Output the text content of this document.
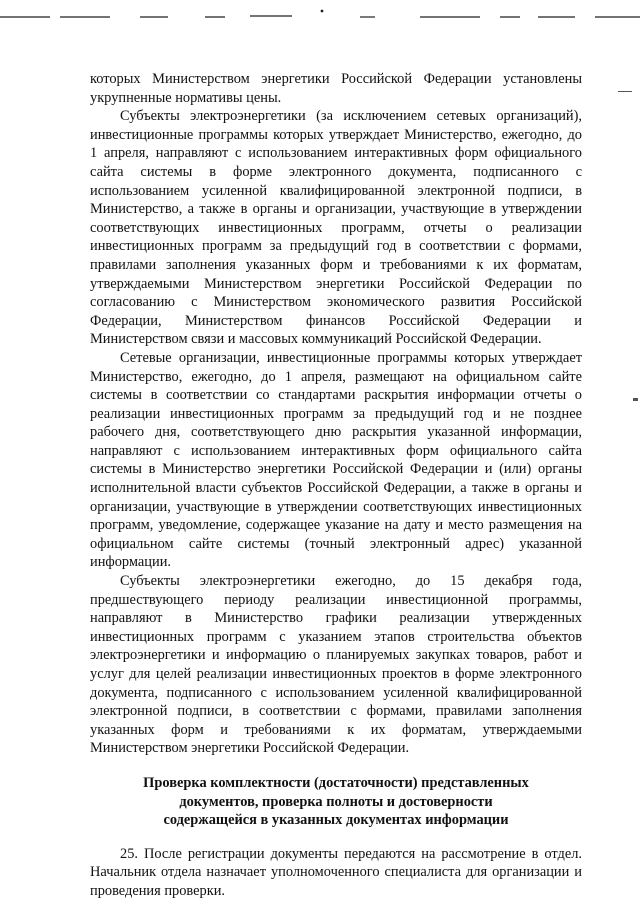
которых Министерством энергетики Российской Федерации установлены укрупненные нормативы цены.

Субъекты электроэнергетики (за исключением сетевых организаций), инвестиционные программы которых утверждает Министерство, ежегодно, до 1 апреля, направляют с использованием интерактивных форм официального сайта системы в форме электронного документа, подписанного с использованием усиленной квалифицированной электронной подписи, в Министерство, а также в органы и организации, участвующие в утверждении соответствующих инвестиционных программ, отчеты о реализации инвестиционных программ за предыдущий год в соответствии с формами, правилами заполнения указанных форм и требованиями к их форматам, утверждаемыми Министерством энергетики Российской Федерации по согласованию с Министерством экономического развития Российской Федерации, Министерством финансов Российской Федерации и Министерством связи и массовых коммуникаций Российской Федерации.

Сетевые организации, инвестиционные программы которых утверждает Министерство, ежегодно, до 1 апреля, размещают на официальном сайте системы в соответствии со стандартами раскрытия информации отчеты о реализации инвестиционных программ за предыдущий год и не позднее рабочего дня, соответствующего дню раскрытия указанной информации, направляют с использованием интерактивных форм официального сайта системы в Министерство энергетики Российской Федерации и (или) органы исполнительной власти субъектов Российской Федерации, а также в органы и организации, участвующие в утверждении соответствующих инвестиционных программ, уведомление, содержащее указание на дату и место размещения на официальном сайте системы (точный электронный адрес) указанной информации.

Субъекты электроэнергетики ежегодно, до 15 декабря года, предшествующего периоду реализации инвестиционной программы, направляют в Министерство графики реализации утвержденных инвестиционных программ с указанием этапов строительства объектов электроэнергетики и информацию о планируемых закупках товаров, работ и услуг для целей реализации инвестиционных проектов в форме электронного документа, подписанного с использованием усиленной квалифицированной электронной подписи, в соответствии с формами, правилами заполнения указанных форм и требованиями к их форматам, утверждаемыми Министерством энергетики Российской Федерации.

Проверка комплектности (достаточности) представленных
документов, проверка полноты и достоверности
содержащейся в указанных документах информации

25. После регистрации документы передаются на рассмотрение в отдел. Начальник отдела назначает уполномоченного специалиста для организации и проведения проверки.
